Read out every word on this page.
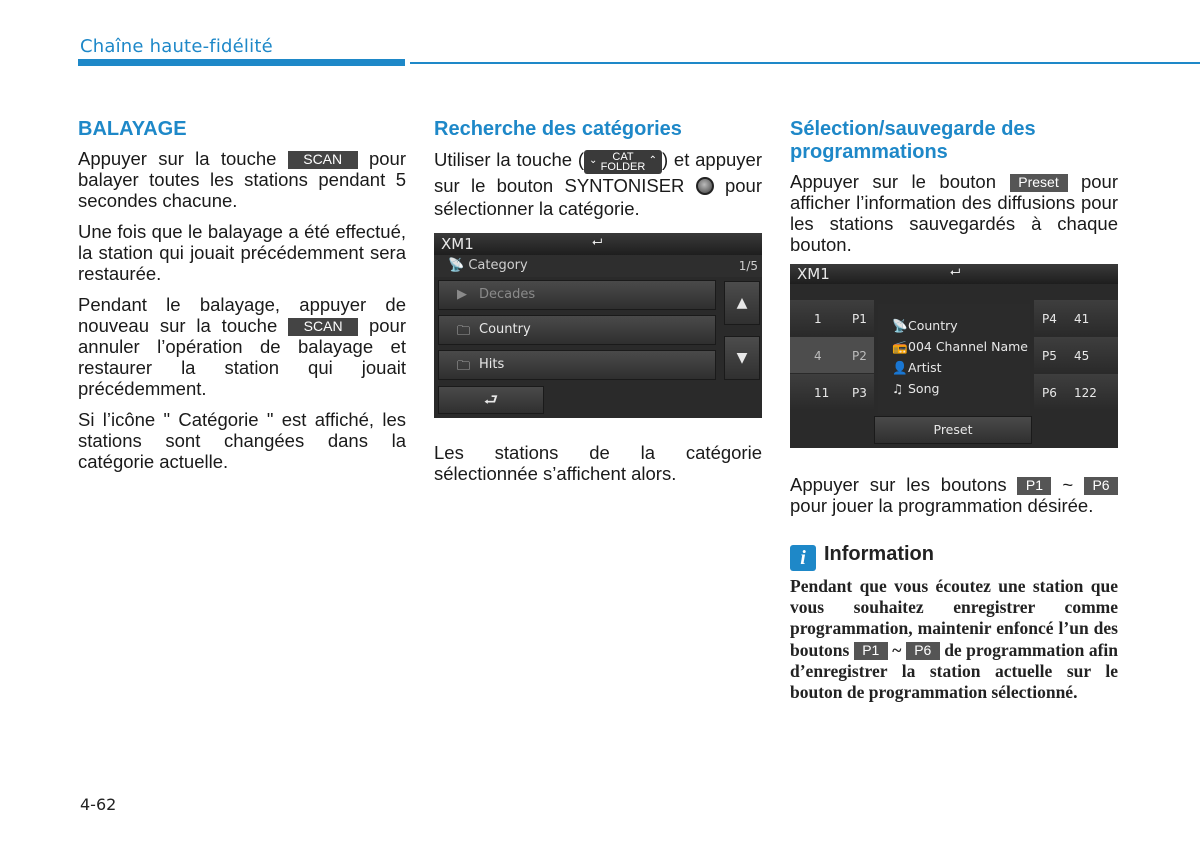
Chaîne haute-fidélité
BALAYAGE

Appuyer sur la touche SCAN pour balayer toutes les stations pendant 5 secondes chacune.

Une fois que le balayage a été effectué, la station qui jouait précédemment sera restaurée.

Pendant le balayage, appuyer de nouveau sur la touche SCAN pour annuler l’opération de balayage et restaurer la station qui jouait précédemment.

Si l’icône " Catégorie " est affiché, les stations sont changées dans la catégorie actuelle.

Recherche des catégories

Utiliser la touche ( ⌄ CAT
FOLDER
⌃ ) et appuyer sur le bouton SYNTONISER  pour sélectionner la catégorie.

XM1	⮠
📡 Category	1/5
▶ Decades
🗀 Country
🗀 Hits
▲
▼
⮐

Les stations de la catégorie sélectionnée s’affichent alors.

Sélection/sauvegarde des programmations

Appuyer sur le bouton Preset pour afficher l’information des diffusions pour les stations sauvegardés à chaque bouton.

XM1	⮠
1	P1
4	P2
11 P3
📡Country
📻004 Channel Name
👤Artist
♫ Song
P4 41
P5 45
P6 122
Preset

Appuyer sur les boutons P1 ~ P6 pour jouer la programmation désirée.

i Information
Pendant que vous écoutez une station que vous souhaitez enregistrer comme programmation, maintenir enfoncé l’un des boutons P1 ~ P6 de programmation afin d’enregistrer la station actuelle sur le bouton de programmation sélectionné.
4-62
